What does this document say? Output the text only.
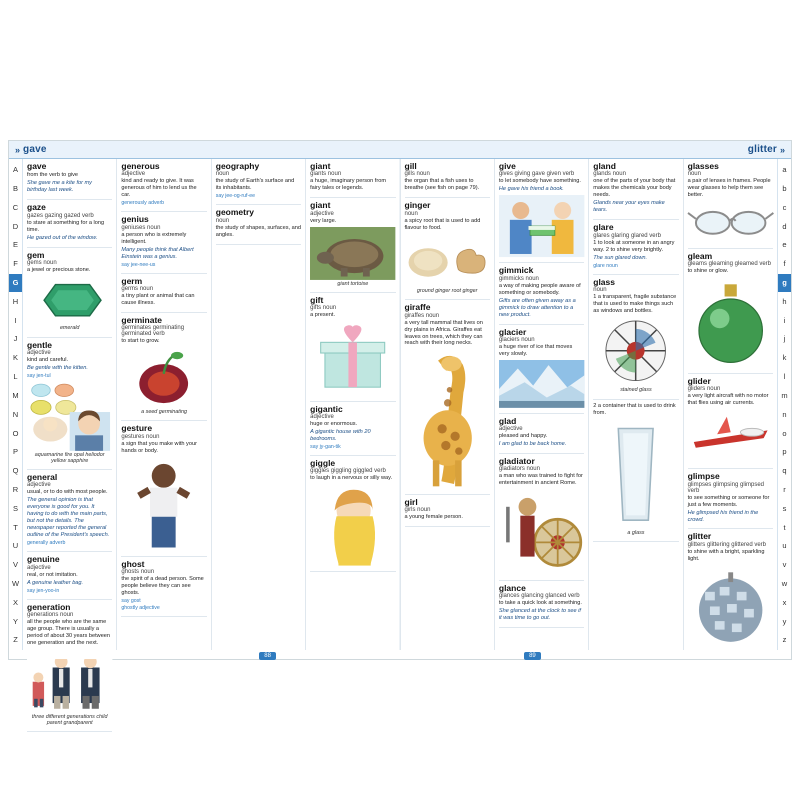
» gave	glitter »
A
B
C
D
E
F
G
H
I
J
K
L
M
N
O
P
Q
R
S
T
U
V
W
X
Y
Z
gave
from the verb to give
She gave me a kite for my birthday last week.
gaze
gazes gazing gazed verb
to stare at something for a long time.
He gazed out of the window.
gem
gems noun
a jewel or precious stone.
emerald
gentle
adjective
kind and careful.
Be gentle with the kitten.
say jen-tul
aquamarine fire opal heliodor yellow sapphire
general
adjective
usual, or to do with most people.
The general opinion is that everyone is good for you. It having to do with the main parts, but not the details. The newspaper reported the general outline of the President's speech.
generally adverb
genuine
adjective
real, or not imitation.
A genuine leather bag.
say jen-yoo-in
generation
generations noun
all the people who are the same age group. There is usually a period of about 30 years between one generation and the next.
three different generations child parent grandparent
generous
adjective
kind and ready to give. It was generous of him to lend us the car.
generously adverb
genius
geniuses noun
a person who is extremely intelligent.
Many people think that Albert Einstein was a genius.
say jee-nee-us
germ
germs noun
a tiny plant or animal that can cause illness.
germinate
germinates germinating germinated verb
to start to grow.
a seed germinating
gesture
gestures noun
a sign that you make with your hands or body.
ghost
ghosts noun
the spirit of a dead person. Some people believe they can see ghosts.
say gost
ghostly adjective
geography
noun
the study of Earth's surface and its inhabitants.
say jee-og-ruf-ee
geometry
noun
the study of shapes, surfaces, and angles.
giant
giants noun
a huge, imaginary person from fairy tales or legends.
giant
adjective
very large.
giant tortoise
gift
gifts noun
a present.
gigantic
adjective
huge or enormous.
A gigantic house with 20 bedrooms.
say jy-gan-tik
giggle
giggles giggling giggled verb
to laugh in a nervous or silly way.
gill
gills noun
the organ that a fish uses to breathe (see fish on page 79).
ginger
noun
a spicy root that is used to add flavour to food.
ground ginger root ginger
giraffe
giraffes noun
a very tall mammal that lives on dry plains in Africa. Giraffes eat leaves on trees, which they can reach with their long necks.
girl
girls noun
a young female person.
give
gives giving gave given verb
to let somebody have something.
He gave his friend a book.
gimmick
gimmicks noun
a way of making people aware of something or somebody.
Gifts are often given away as a gimmick to draw attention to a new product.
glacier
glaciers noun
a huge river of ice that moves very slowly.
glad
adjective
pleased and happy.
I am glad to be back home.
gladiator
gladiators noun
a man who was trained to fight for entertainment in ancient Rome.
glance
glances glancing glanced verb
to take a quick look at something.
She glanced at the clock to see if it was time to go out.
gland
glands noun
one of the parts of your body that makes the chemicals your body needs.
Glands near your eyes make tears.
glare
glares glaring glared verb
1 to look at someone in an angry way. 2 to shine very brightly.
The sun glared down.
glare noun
glass
noun
1 a transparent, fragile substance that is used to make things such as windows and bottles.
stained glass
2 a container that is used to drink from.
a glass
glasses
noun
a pair of lenses in frames. People wear glasses to help them see better.
gleam
gleams gleaming gleamed verb
to shine or glow.
glider
gliders noun
a very light aircraft with no motor that flies using air currents.
glimpse
glimpses glimpsing glimpsed verb
to see something or someone for just a few moments.
He glimpsed his friend in the crowd.
glitter
glitters glittering glittered verb
to shine with a bright, sparkling light.
a
b
c
d
e
f
g
h
i
j
k
l
m
n
o
p
q
r
s
t
u
v
w
x
y
z
88	89
